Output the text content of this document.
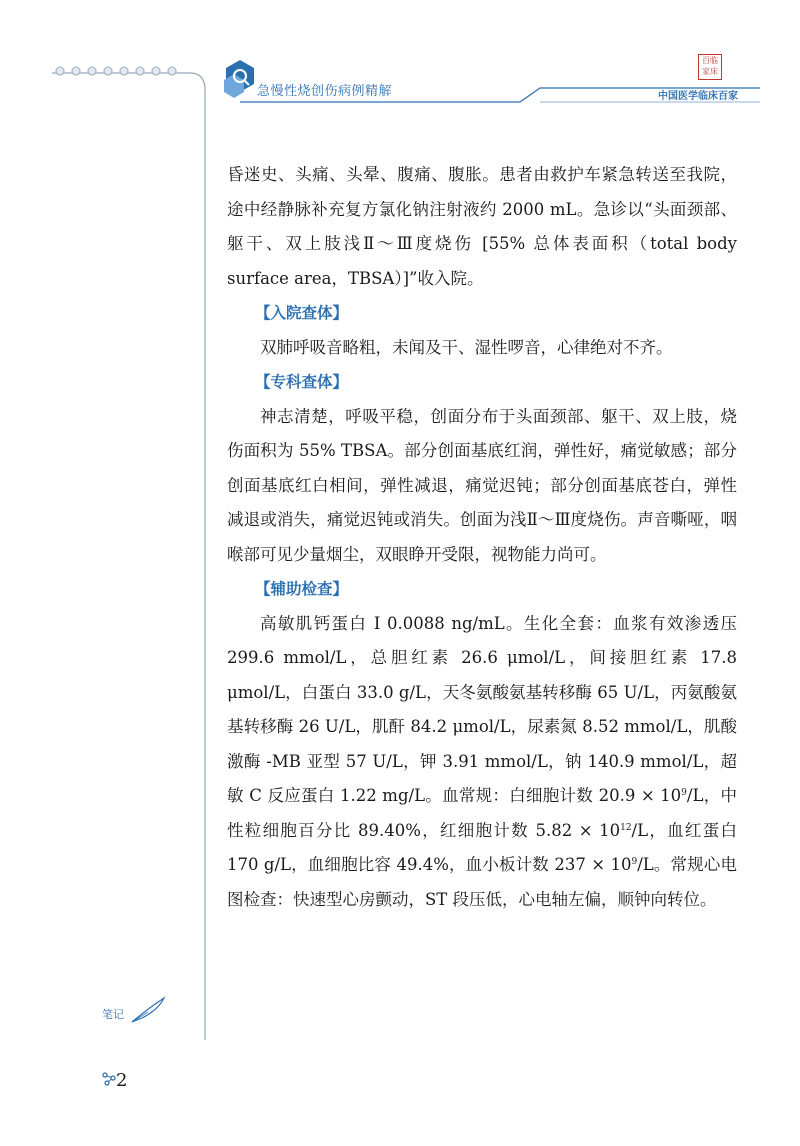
急慢性烧创伤病例精解
百临家床
中国医学临床百家

昏迷史、头痛、头晕、腹痛、腹胀。患者由救护车紧急转送至我院，途中经静脉补充复方氯化钠注射液约 2000 mL。急诊以“头面颈部、躯干、双上肢浅Ⅱ～Ⅲ度烧伤 [55% 总体表面积（total body surface area，TBSA）]”收入院。

【入院查体】

双肺呼吸音略粗，未闻及干、湿性啰音，心律绝对不齐。

【专科查体】

神志清楚，呼吸平稳，创面分布于头面颈部、躯干、双上肢，烧伤面积为 55% TBSA。部分创面基底红润，弹性好，痛觉敏感；部分创面基底红白相间，弹性减退，痛觉迟钝；部分创面基底苍白，弹性减退或消失，痛觉迟钝或消失。创面为浅Ⅱ～Ⅲ度烧伤。声音嘶哑，咽喉部可见少量烟尘，双眼睁开受限，视物能力尚可。

【辅助检查】

高敏肌钙蛋白 I 0.0088 ng/mL。生化全套：血浆有效渗透压 299.6 mmol/L，总胆红素 26.6 μmol/L，间接胆红素 17.8 μmol/L，白蛋白 33.0 g/L，天冬氨酸氨基转移酶 65 U/L，丙氨酸氨基转移酶 26 U/L，肌酐 84.2 μmol/L，尿素氮 8.52 mmol/L，肌酸激酶 -MB 亚型 57 U/L，钾 3.91 mmol/L，钠 140.9 mmol/L，超敏 C 反应蛋白 1.22 mg/L。血常规：白细胞计数 $20.9 \times 10^9/L$，中性粒细胞百分比 89.40%，红细胞计数 $5.82 \times 10^{12}/L$，血红蛋白 170 g/L，血细胞比容 49.4%，血小板计数 $237 \times 10^9/L$。常规心电图检查：快速型心房颤动，ST 段压低，心电轴左偏，顺钟向转位。

笔记
2
